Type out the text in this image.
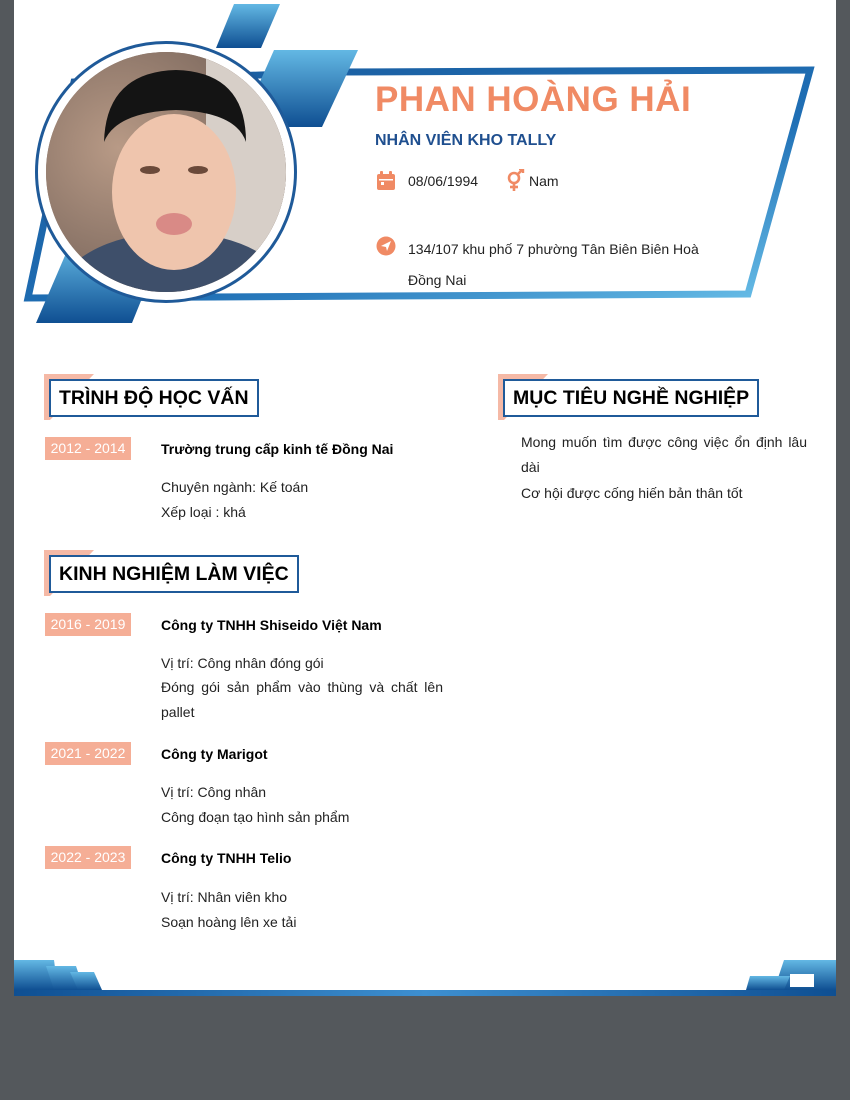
PHAN HOÀNG HẢI
NHÂN VIÊN KHO TALLY
08/06/1994	Nam
134/107 khu phố 7 phường Tân Biên Biên Hoà
Đồng Nai
TRÌNH ĐỘ HỌC VẤN
2012 - 2014	Trường trung cấp kinh tế Đồng Nai
Chuyên ngành: Kế toán
Xếp loại : khá
MỤC TIÊU NGHỀ NGHIỆP
Mong muốn tìm được công việc ổn định lâu dài
Cơ hội được cống hiến bản thân tốt
KINH NGHIỆM LÀM VIỆC
2016 - 2019	Công ty TNHH Shiseido Việt Nam
Vị trí: Công nhân đóng gói
Đóng gói sản phẩm vào thùng và chất lên pallet
2021 - 2022	Công ty Marigot
Vị trí: Công nhân
Công đoạn tạo hình sản phẩm
2022 - 2023	Công ty TNHH Telio
Vị trí: Nhân viên kho
Soạn hoàng lên xe tải
